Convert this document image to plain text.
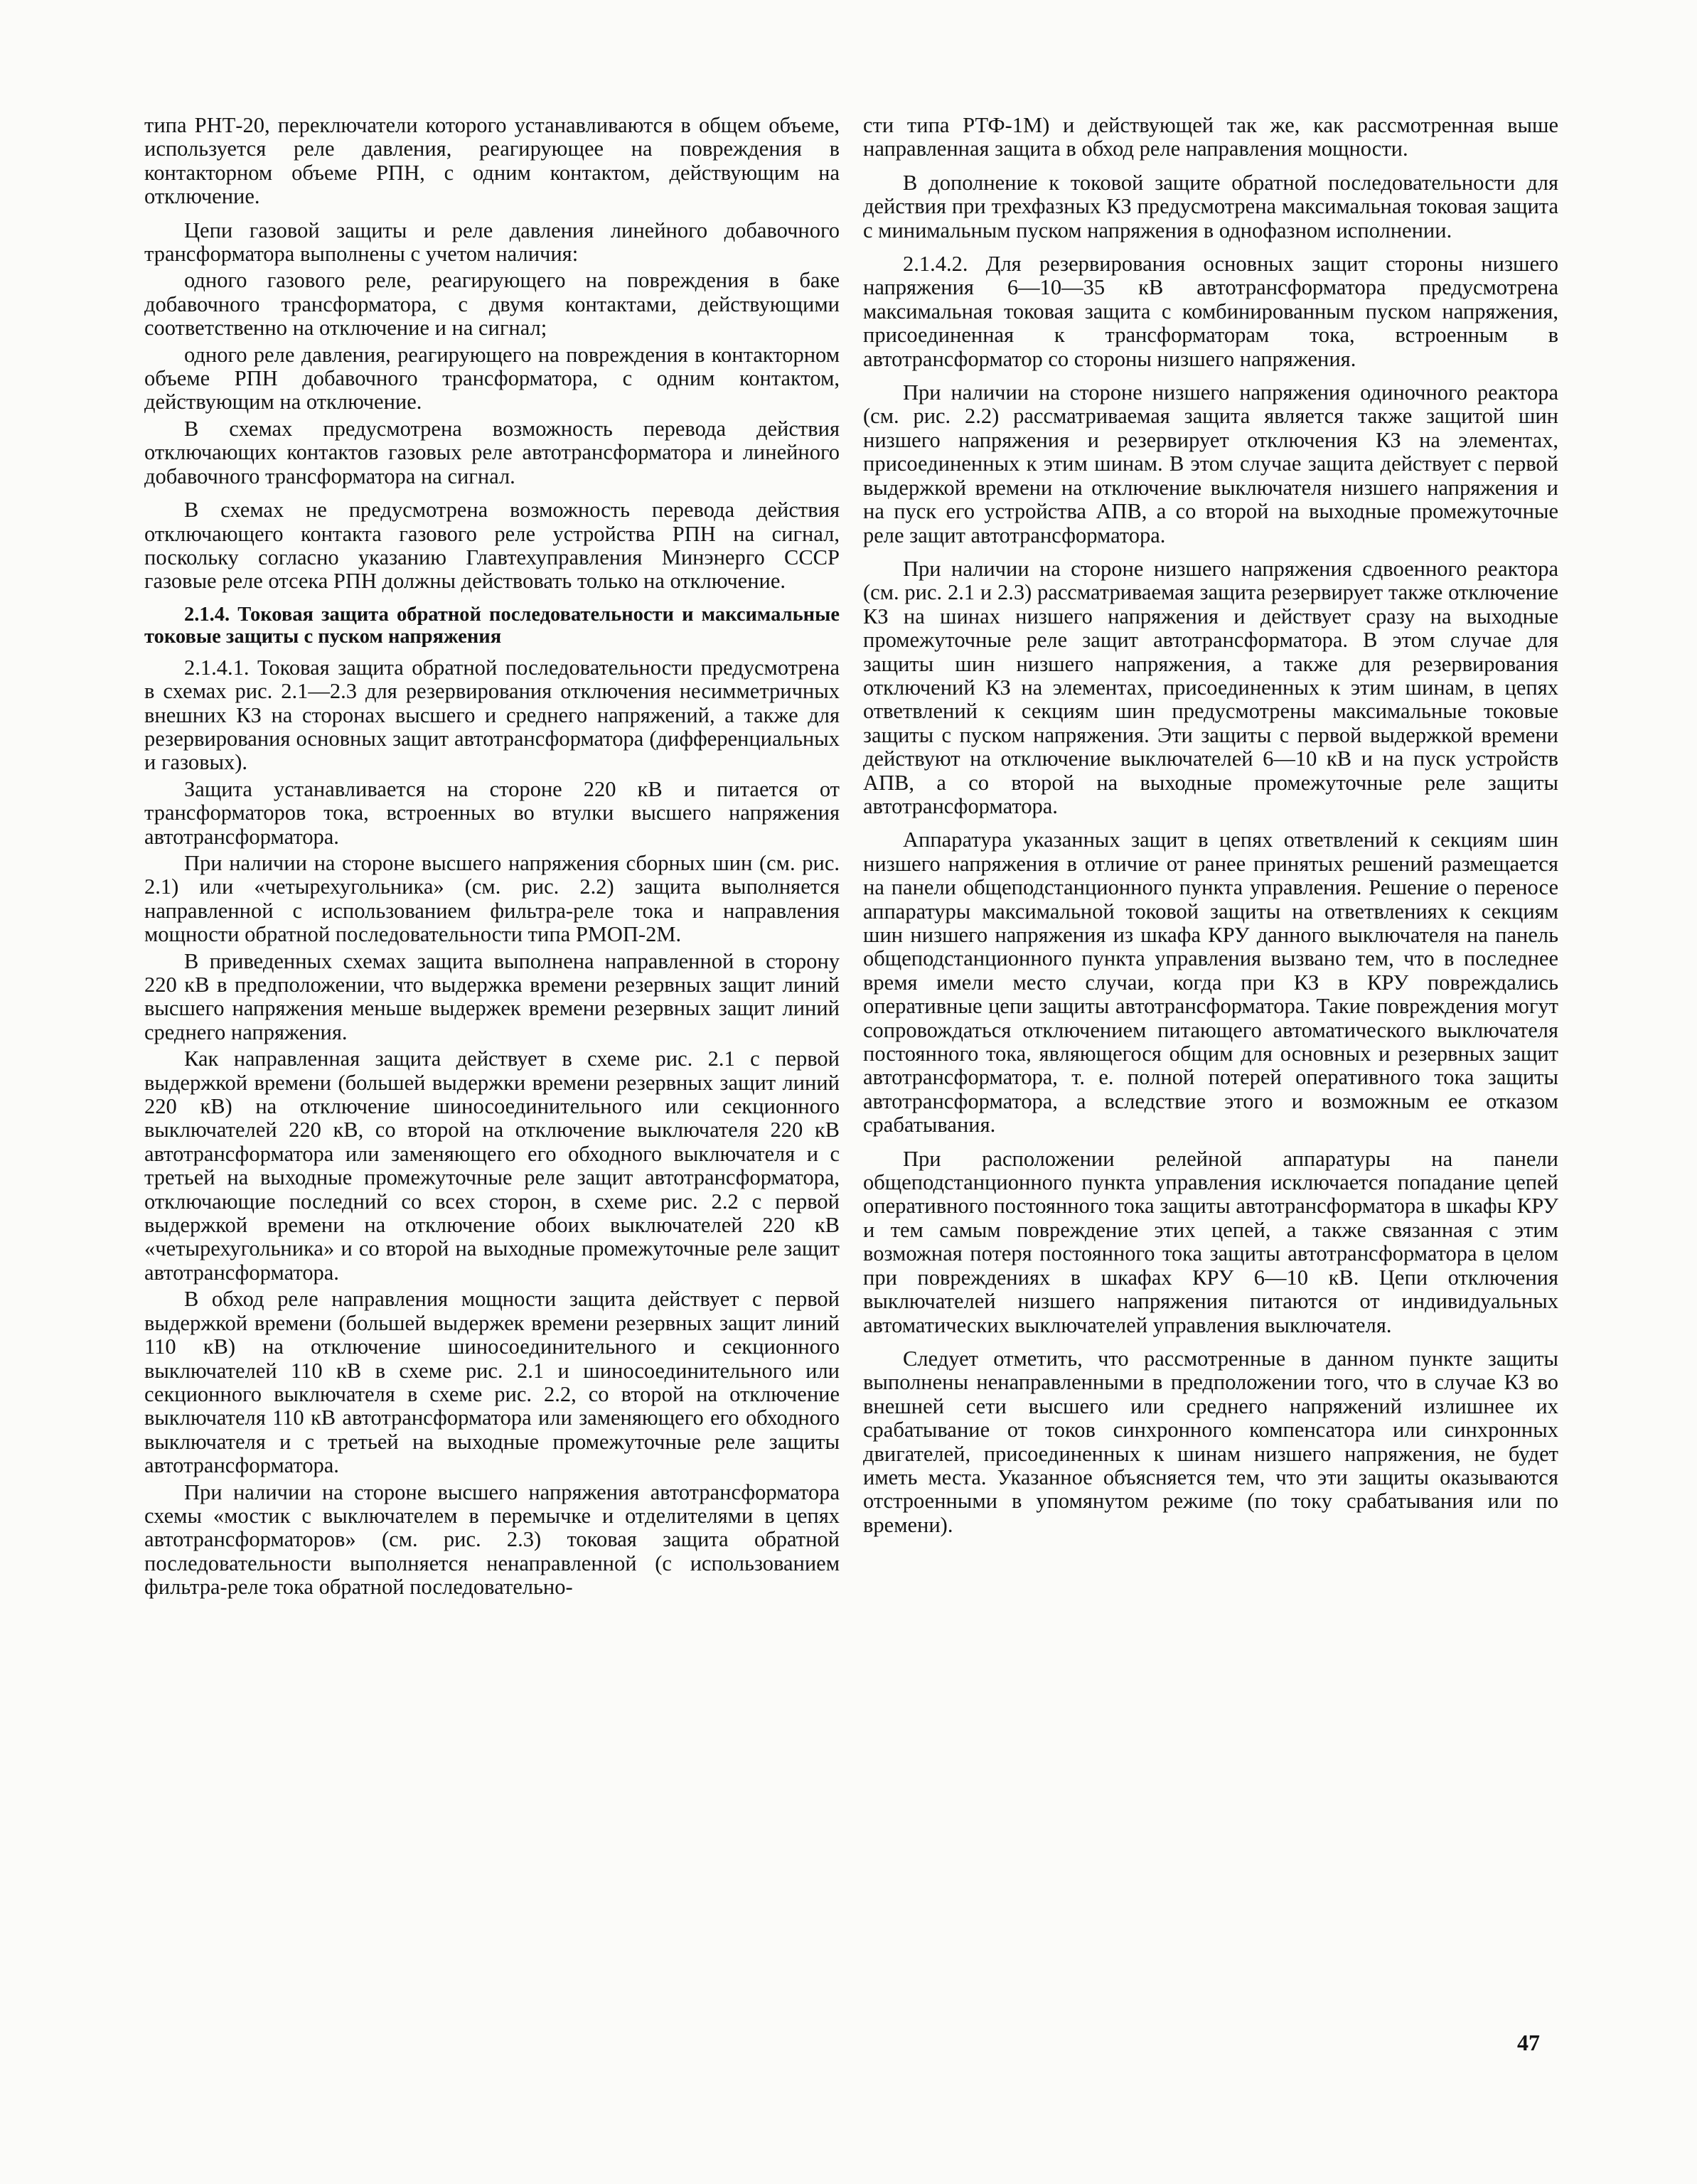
типа РНТ-20, переключатели которого устанавливаются в общем объеме, используется реле давления, реагирующее на повреждения в контакторном объеме РПН, с одним контактом, действующим на отключение.

Цепи газовой защиты и реле давления линейного добавочного трансформатора выполнены с учетом наличия:

одного газового реле, реагирующего на повреждения в баке добавочного трансформатора, с двумя контактами, действующими соответственно на отключение и на сигнал;

одного реле давления, реагирующего на повреждения в контакторном объеме РПН добавочного трансформатора, с одним контактом, действующим на отключение.

В схемах предусмотрена возможность перевода действия отключающих контактов газовых реле автотрансформатора и линейного добавочного трансформатора на сигнал.

В схемах не предусмотрена возможность перевода действия отключающего контакта газового реле устройства РПН на сигнал, поскольку согласно указанию Главтехуправления Минэнерго СССР газовые реле отсека РПН должны действовать только на отключение.

2.1.4. Токовая защита обратной последовательности и максимальные токовые защиты с пуском напряжения

2.1.4.1. Токовая защита обратной последовательности предусмотрена в схемах рис. 2.1—2.3 для резервирования отключения несимметричных внешних КЗ на сторонах высшего и среднего напряжений, а также для резервирования основных защит автотрансформатора (дифференциальных и газовых).

Защита устанавливается на стороне 220 кВ и питается от трансформаторов тока, встроенных во втулки высшего напряжения автотрансформатора.

При наличии на стороне высшего напряжения сборных шин (см. рис. 2.1) или «четырехугольника» (см. рис. 2.2) защита выполняется направленной с использованием фильтра-реле тока и направления мощности обратной последовательности типа РМОП-2М.

В приведенных схемах защита выполнена направленной в сторону 220 кВ в предположении, что выдержка времени резервных защит линий высшего напряжения меньше выдержек времени резервных защит линий среднего напряжения.

Как направленная защита действует в схеме рис. 2.1 с первой выдержкой времени (большей выдержки времени резервных защит линий 220 кВ) на отключение шиносоединительного или секционного выключателей 220 кВ, со второй на отключение выключателя 220 кВ автотрансформатора или заменяющего его обходного выключателя и с третьей на выходные промежуточные реле защит автотрансформатора, отключающие последний со всех сторон, в схеме рис. 2.2 с первой выдержкой времени на отключение обоих выключателей 220 кВ «четырехугольника» и со второй на выходные промежуточные реле защит автотрансформатора.

В обход реле направления мощности защита действует с первой выдержкой времени (большей выдержек времени резервных защит линий 110 кВ) на отключение шиносоединительного и секционного выключателей 110 кВ в схеме рис. 2.1 и шиносоединительного или секционного выключателя в схеме рис. 2.2, со второй на отключение выключателя 110 кВ автотрансформатора или заменяющего его обходного выключателя и с третьей на выходные промежуточные реле защиты автотрансформатора.

При наличии на стороне высшего напряжения автотрансформатора схемы «мостик с выключателем в перемычке и отделителями в цепях автотрансформаторов» (см. рис. 2.3) токовая защита обратной последовательности выполняется ненаправленной (с использованием фильтра-реле тока обратной последовательно-

сти типа РТФ-1М) и действующей так же, как рассмотренная выше направленная защита в обход реле направления мощности.

В дополнение к токовой защите обратной последовательности для действия при трехфазных КЗ предусмотрена максимальная токовая защита с минимальным пуском напряжения в однофазном исполнении.

2.1.4.2. Для резервирования основных защит стороны низшего напряжения 6—10—35 кВ автотрансформатора предусмотрена максимальная токовая защита с комбинированным пуском напряжения, присоединенная к трансформаторам тока, встроенным в автотрансформатор со стороны низшего напряжения.

При наличии на стороне низшего напряжения одиночного реактора (см. рис. 2.2) рассматриваемая защита является также защитой шин низшего напряжения и резервирует отключения КЗ на элементах, присоединенных к этим шинам. В этом случае защита действует с первой выдержкой времени на отключение выключателя низшего напряжения и на пуск его устройства АПВ, а со второй на выходные промежуточные реле защит автотрансформатора.

При наличии на стороне низшего напряжения сдвоенного реактора (см. рис. 2.1 и 2.3) рассматриваемая защита резервирует также отключение КЗ на шинах низшего напряжения и действует сразу на выходные промежуточные реле защит автотрансформатора. В этом случае для защиты шин низшего напряжения, а также для резервирования отключений КЗ на элементах, присоединенных к этим шинам, в цепях ответвлений к секциям шин предусмотрены максимальные токовые защиты с пуском напряжения. Эти защиты с первой выдержкой времени действуют на отключение выключателей 6—10 кВ и на пуск устройств АПВ, а со второй на выходные промежуточные реле защиты автотрансформатора.

Аппаратура указанных защит в цепях ответвлений к секциям шин низшего напряжения в отличие от ранее принятых решений размещается на панели общеподстанционного пункта управления. Решение о переносе аппаратуры максимальной токовой защиты на ответвлениях к секциям шин низшего напряжения из шкафа КРУ данного выключателя на панель общеподстанционного пункта управления вызвано тем, что в последнее время имели место случаи, когда при КЗ в КРУ повреждались оперативные цепи защиты автотрансформатора. Такие повреждения могут сопровождаться отключением питающего автоматического выключателя постоянного тока, являющегося общим для основных и резервных защит автотрансформатора, т. е. полной потерей оперативного тока защиты автотрансформатора, а вследствие этого и возможным ее отказом срабатывания.

При расположении релейной аппаратуры на панели общеподстанционного пункта управления исключается попадание цепей оперативного постоянного тока защиты автотрансформатора в шкафы КРУ и тем самым повреждение этих цепей, а также связанная с этим возможная потеря постоянного тока защиты автотрансформатора в целом при повреждениях в шкафах КРУ 6—10 кВ. Цепи отключения выключателей низшего напряжения питаются от индивидуальных автоматических выключателей управления выключателя.

Следует отметить, что рассмотренные в данном пункте защиты выполнены ненаправленными в предположении того, что в случае КЗ во внешней сети высшего или среднего напряжений излишнее их срабатывание от токов синхронного компенсатора или синхронных двигателей, присоединенных к шинам низшего напряжения, не будет иметь места. Указанное объясняется тем, что эти защиты оказываются отстроенными в упомянутом режиме (по току срабатывания или по времени).

47
